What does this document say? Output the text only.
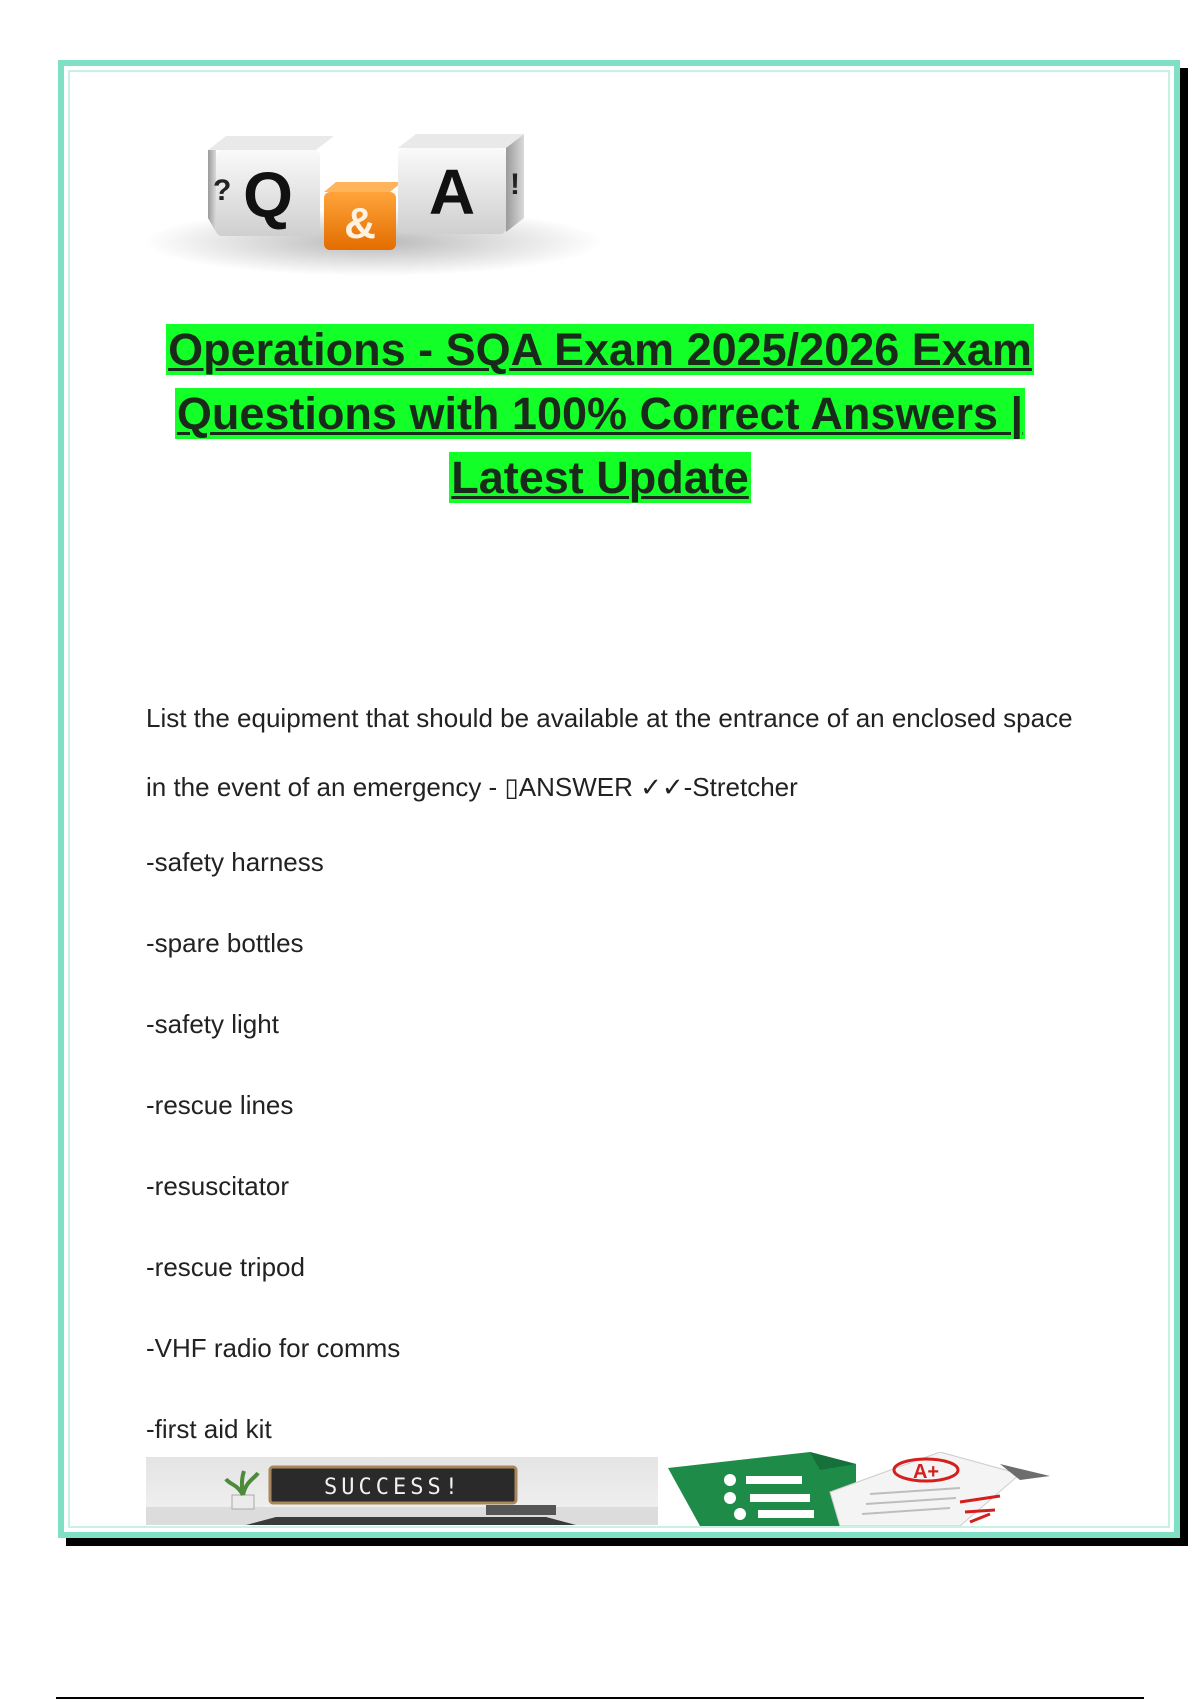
? Q & A !
Operations - SQA Exam 2025/2026 Exam
Questions with 100% Correct Answers |
Latest Update
List the equipment that should be available at the entrance of an enclosed space in the event of an emergency - ▯ANSWER ✓✓-Stretcher
-safety harness
-spare bottles
-safety light
-rescue lines
-resuscitator
-rescue tripod
-VHF radio for comms
-first aid kit
SUCCESS!
A+
